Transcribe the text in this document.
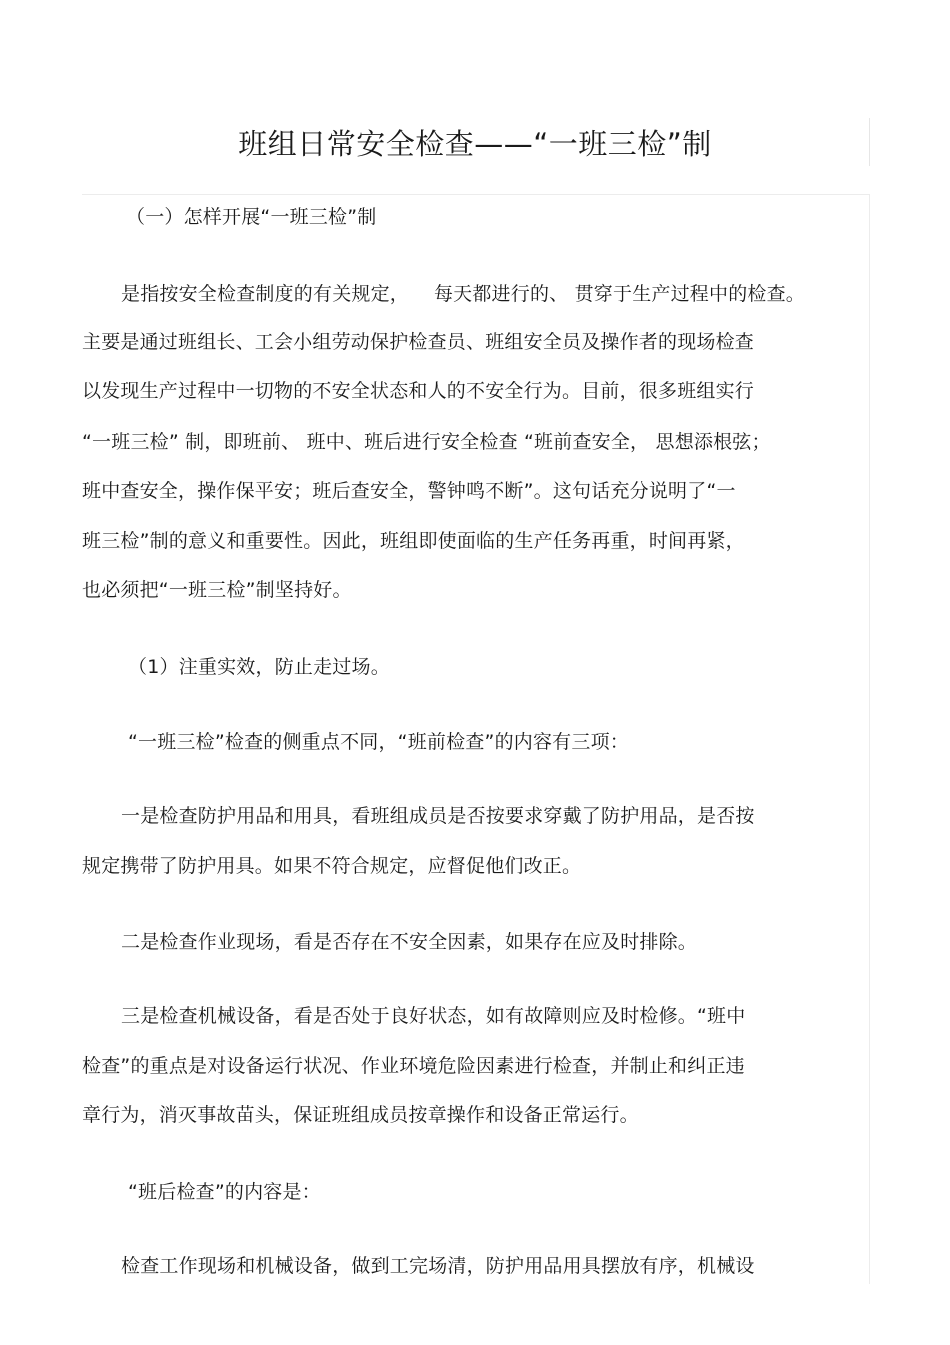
班组日常安全检查——“一班三检”制
（一）怎样开展“一班三检”制
是指按安全检查制度的有关规定，    每天都进行的、 贯穿于生产过程中的检查。
主要是通过班组长、工会小组劳动保护检查员、班组安全员及操作者的现场检查
以发现生产过程中一切物的不安全状态和人的不安全行为。目前，很多班组实行
“一班三检” 制，即班前、 班中、班后进行安全检查 “班前查安全， 思想添根弦；
班中查安全，操作保平安；班后查安全，警钟鸣不断”。这句话充分说明了“一
班三检”制的意义和重要性。因此，班组即使面临的生产任务再重，时间再紧，
也必须把“一班三检”制坚持好。
（1）注重实效，防止走过场。
“一班三检”检查的侧重点不同，“班前检查”的内容有三项：
一是检查防护用品和用具，看班组成员是否按要求穿戴了防护用品，是否按
规定携带了防护用具。如果不符合规定，应督促他们改正。
二是检查作业现场，看是否存在不安全因素，如果存在应及时排除。
三是检查机械设备，看是否处于良好状态，如有故障则应及时检修。“班中
检查”的重点是对设备运行状况、作业环境危险因素进行检查，并制止和纠正违
章行为，消灭事故苗头，保证班组成员按章操作和设备正常运行。
“班后检查”的内容是：
检查工作现场和机械设备，做到工完场清，防护用品用具摆放有序，机械设
